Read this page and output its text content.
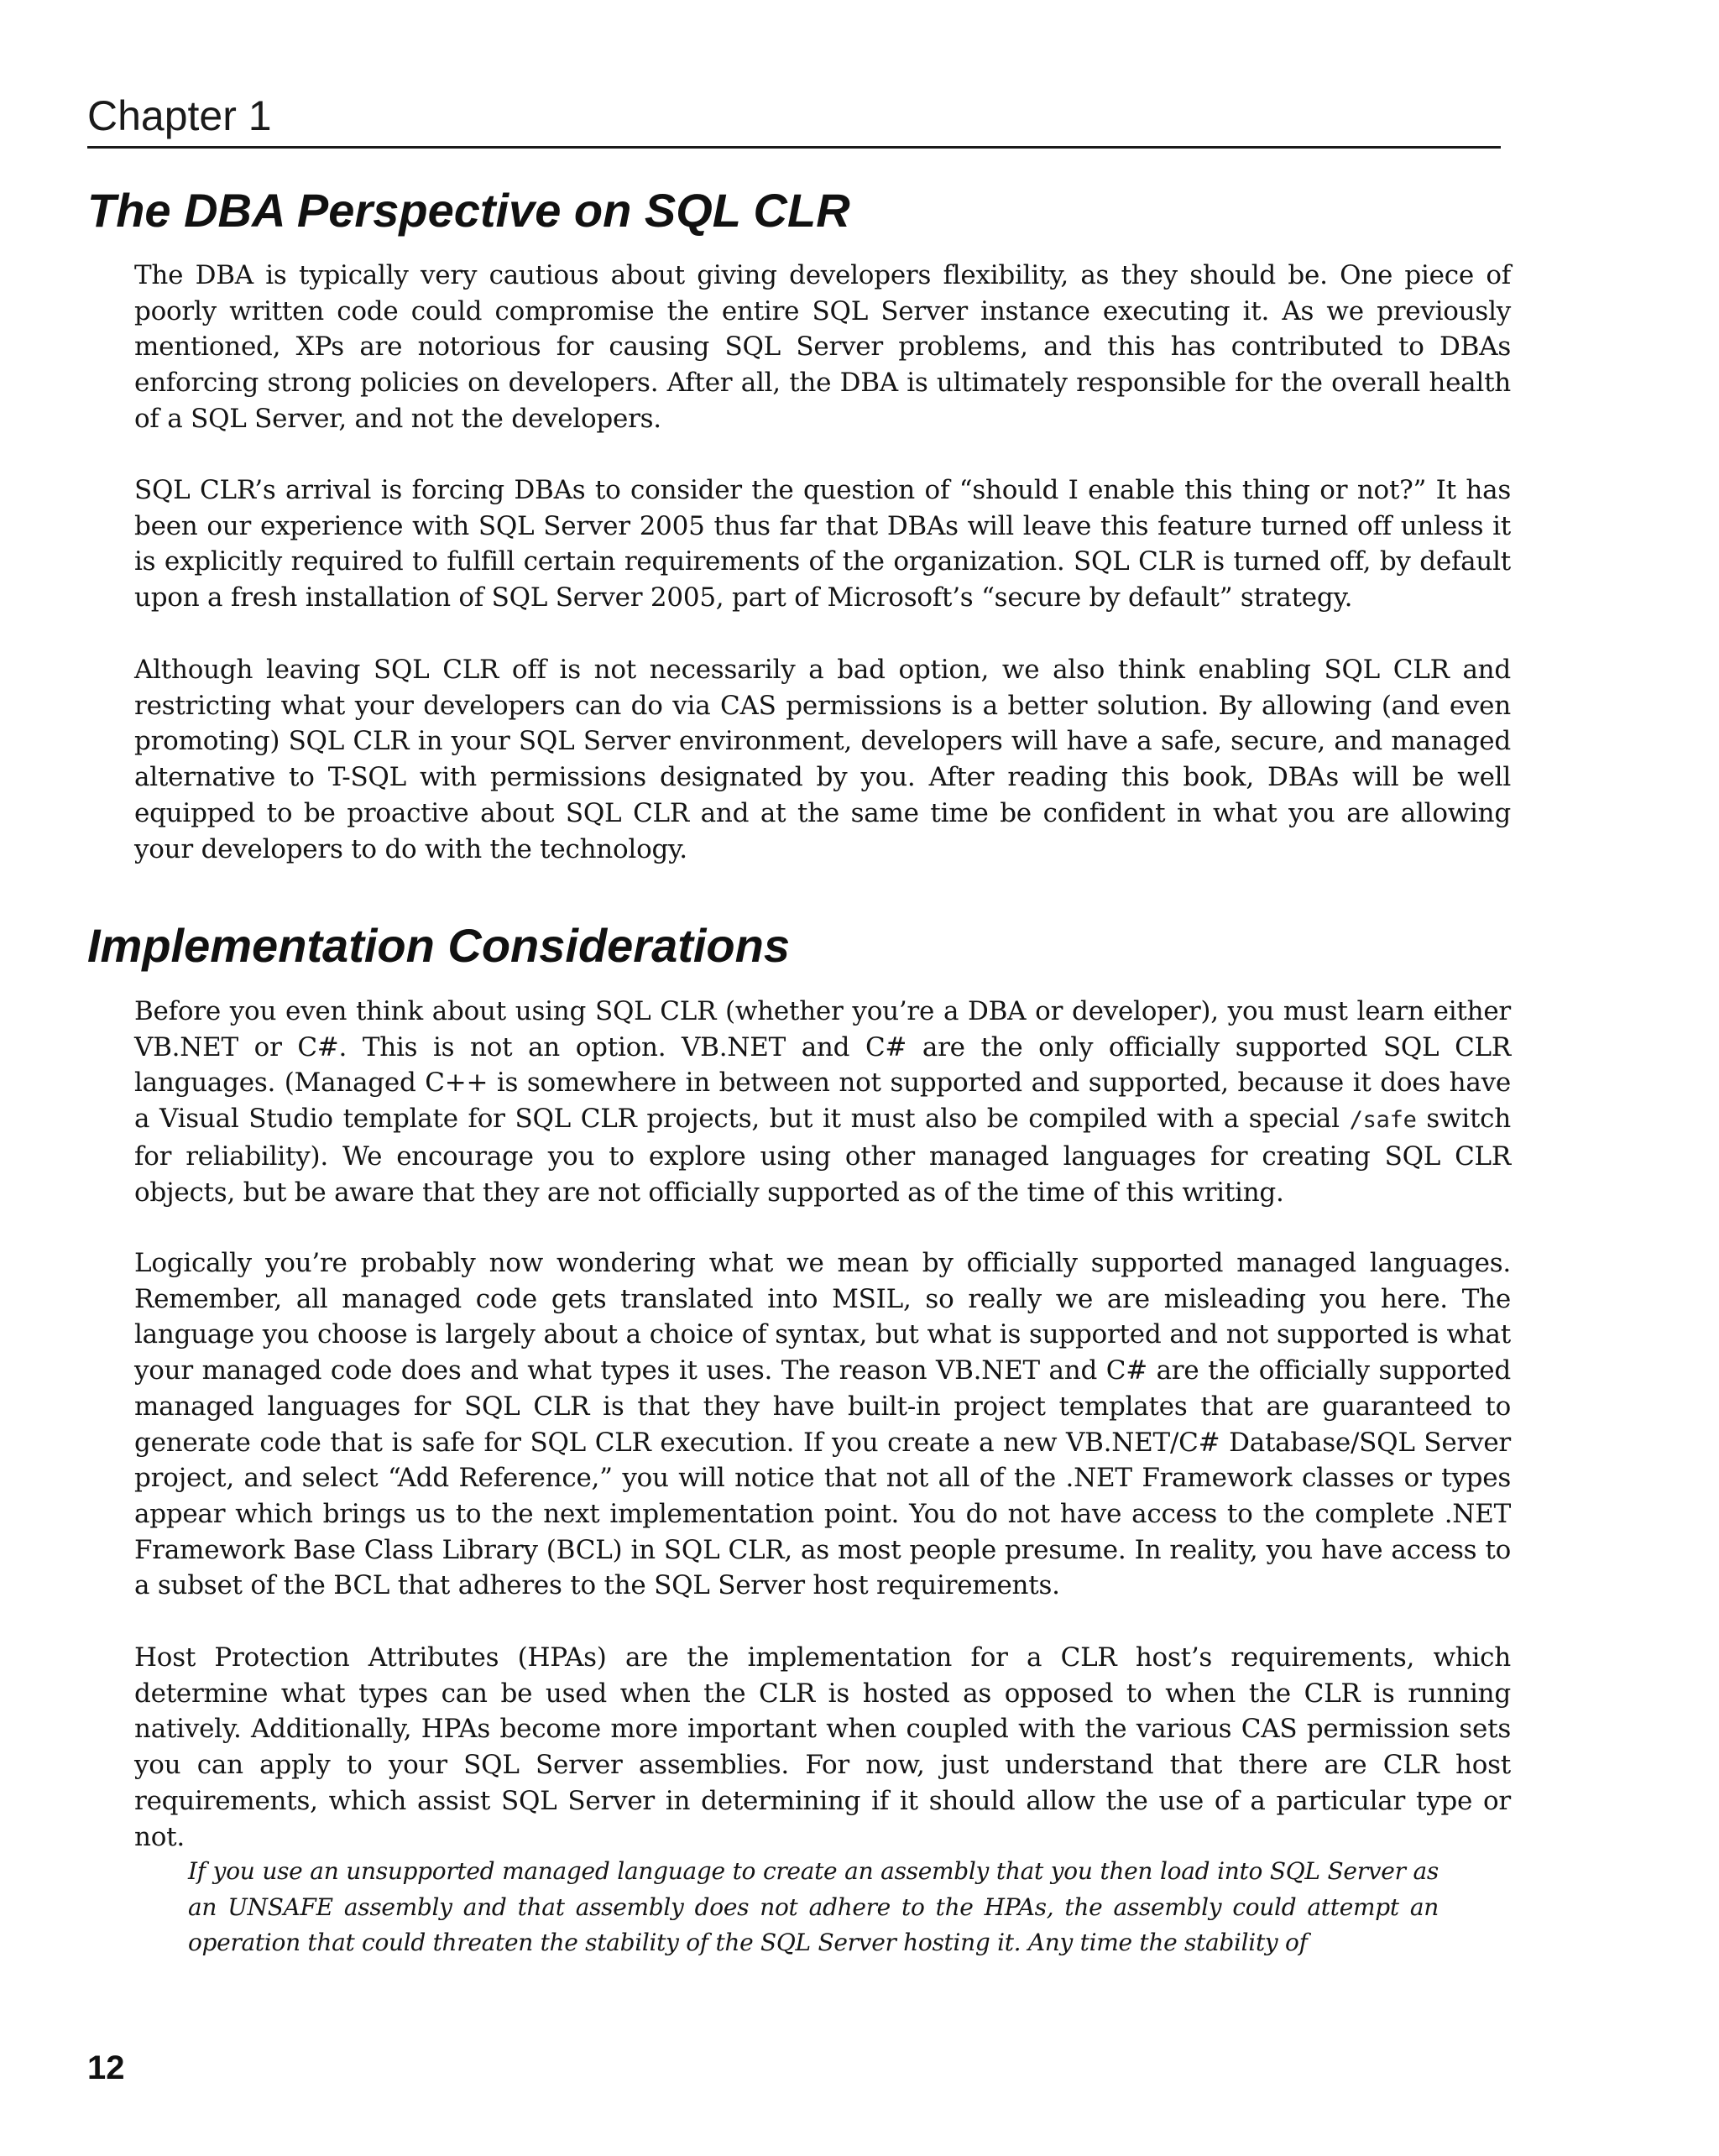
Chapter 1
The DBA Perspective on SQL CLR

The DBA is typically very cautious about giving developers flexibility, as they should be. One piece of poorly written code could compromise the entire SQL Server instance executing it. As we previously mentioned, XPs are notorious for causing SQL Server problems, and this has contributed to DBAs enforcing strong policies on developers. After all, the DBA is ultimately responsible for the overall health of a SQL Server, and not the developers.

SQL CLR’s arrival is forcing DBAs to consider the question of “should I enable this thing or not?” It has been our experience with SQL Server 2005 thus far that DBAs will leave this feature turned off unless it is explicitly required to fulfill certain requirements of the organization. SQL CLR is turned off, by default upon a fresh installation of SQL Server 2005, part of Microsoft’s “secure by default” strategy.

Although leaving SQL CLR off is not necessarily a bad option, we also think enabling SQL CLR and restricting what your developers can do via CAS permissions is a better solution. By allowing (and even promoting) SQL CLR in your SQL Server environment, developers will have a safe, secure, and managed alternative to T-SQL with permissions designated by you. After reading this book, DBAs will be well equipped to be proactive about SQL CLR and at the same time be confident in what you are allowing your developers to do with the technology.

Implementation Considerations

Before you even think about using SQL CLR (whether you’re a DBA or developer), you must learn either VB.NET or C#. This is not an option. VB.NET and C# are the only officially supported SQL CLR languages. (Managed C++ is somewhere in between not supported and supported, because it does have a Visual Studio template for SQL CLR projects, but it must also be compiled with a special /safe switch for reliability). We encourage you to explore using other managed languages for creating SQL CLR objects, but be aware that they are not officially supported as of the time of this writing.

Logically you’re probably now wondering what we mean by officially supported managed languages. Remember, all managed code gets translated into MSIL, so really we are misleading you here. The language you choose is largely about a choice of syntax, but what is supported and not supported is what your managed code does and what types it uses. The reason VB.NET and C# are the officially supported managed languages for SQL CLR is that they have built-in project templates that are guaranteed to generate code that is safe for SQL CLR execution. If you create a new VB.NET/C# Database/SQL Server project, and select “Add Reference,” you will notice that not all of the .NET Framework classes or types appear which brings us to the next implementation point. You do not have access to the complete .NET Framework Base Class Library (BCL) in SQL CLR, as most people presume. In reality, you have access to a subset of the BCL that adheres to the SQL Server host requirements.

Host Protection Attributes (HPAs) are the implementation for a CLR host’s requirements, which determine what types can be used when the CLR is hosted as opposed to when the CLR is running natively. Additionally, HPAs become more important when coupled with the various CAS permission sets you can apply to your SQL Server assemblies. For now, just understand that there are CLR host requirements, which assist SQL Server in determining if it should allow the use of a particular type or not.

If you use an unsupported managed language to create an assembly that you then load into SQL Server as an UNSAFE assembly and that assembly does not adhere to the HPAs, the assembly could attempt an operation that could threaten the stability of the SQL Server hosting it. Any time the stability of

12
